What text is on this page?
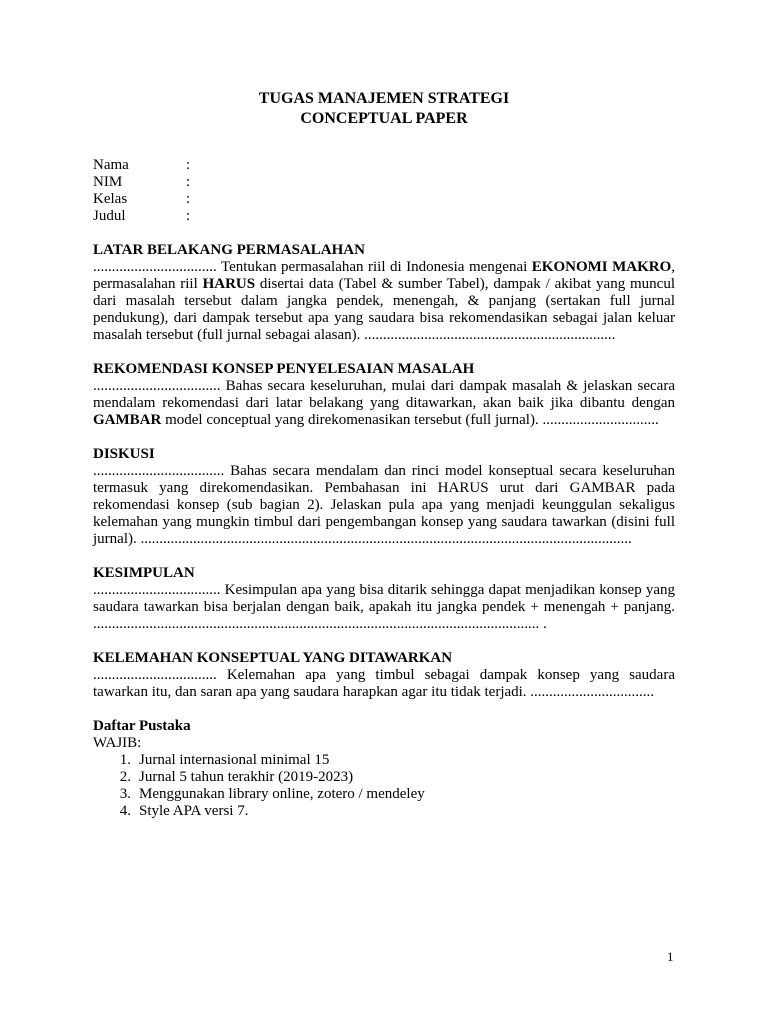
TUGAS MANAJEMEN STRATEGI

CONCEPTUAL PAPER

Nama	:
NIM	:
Kelas	:
Judul	:

LATAR BELAKANG PERMASALAHAN

................................. Tentukan permasalahan riil di Indonesia mengenai EKONOMI MAKRO, permasalahan riil HARUS disertai data (Tabel & sumber Tabel), dampak / akibat yang muncul dari masalah tersebut dalam jangka pendek, menengah, & panjang (sertakan full jurnal pendukung), dari dampak tersebut apa yang saudara bisa rekomendasikan sebagai jalan keluar masalah tersebut (full jurnal sebagai alasan). ...................................................................

REKOMENDASI KONSEP PENYELESAIAN MASALAH

.................................. Bahas secara keseluruhan, mulai dari dampak masalah & jelaskan secara mendalam rekomendasi dari latar belakang yang ditawarkan, akan baik jika dibantu dengan GAMBAR model conceptual yang direkomenasikan tersebut (full jurnal). ...............................

DISKUSI

................................... Bahas secara mendalam dan rinci model konseptual secara keseluruhan termasuk yang direkomendasikan. Pembahasan ini HARUS urut dari GAMBAR pada rekomendasi konsep (sub bagian 2). Jelaskan pula apa yang menjadi keunggulan sekaligus kelemahan yang mungkin timbul dari pengembangan konsep yang saudara tawarkan (disini full jurnal). ...................................................................................................................................

KESIMPULAN

.................................. Kesimpulan apa yang bisa ditarik sehingga dapat menjadikan konsep yang saudara tawarkan bisa berjalan dengan baik, apakah itu jangka pendek + menengah + panjang. ....................................................................................................................... .

KELEMAHAN KONSEPTUAL YANG DITAWARKAN

................................. Kelemahan apa yang timbul sebagai dampak konsep yang saudara tawarkan itu, dan saran apa yang saudara harapkan agar itu tidak terjadi. .................................

Daftar Pustaka

WAJIB:

1. Jurnal internasional minimal 15
2. Jurnal 5 tahun terakhir (2019-2023)
3. Menggunakan library online, zotero / mendeley
4. Style APA versi 7.
1
